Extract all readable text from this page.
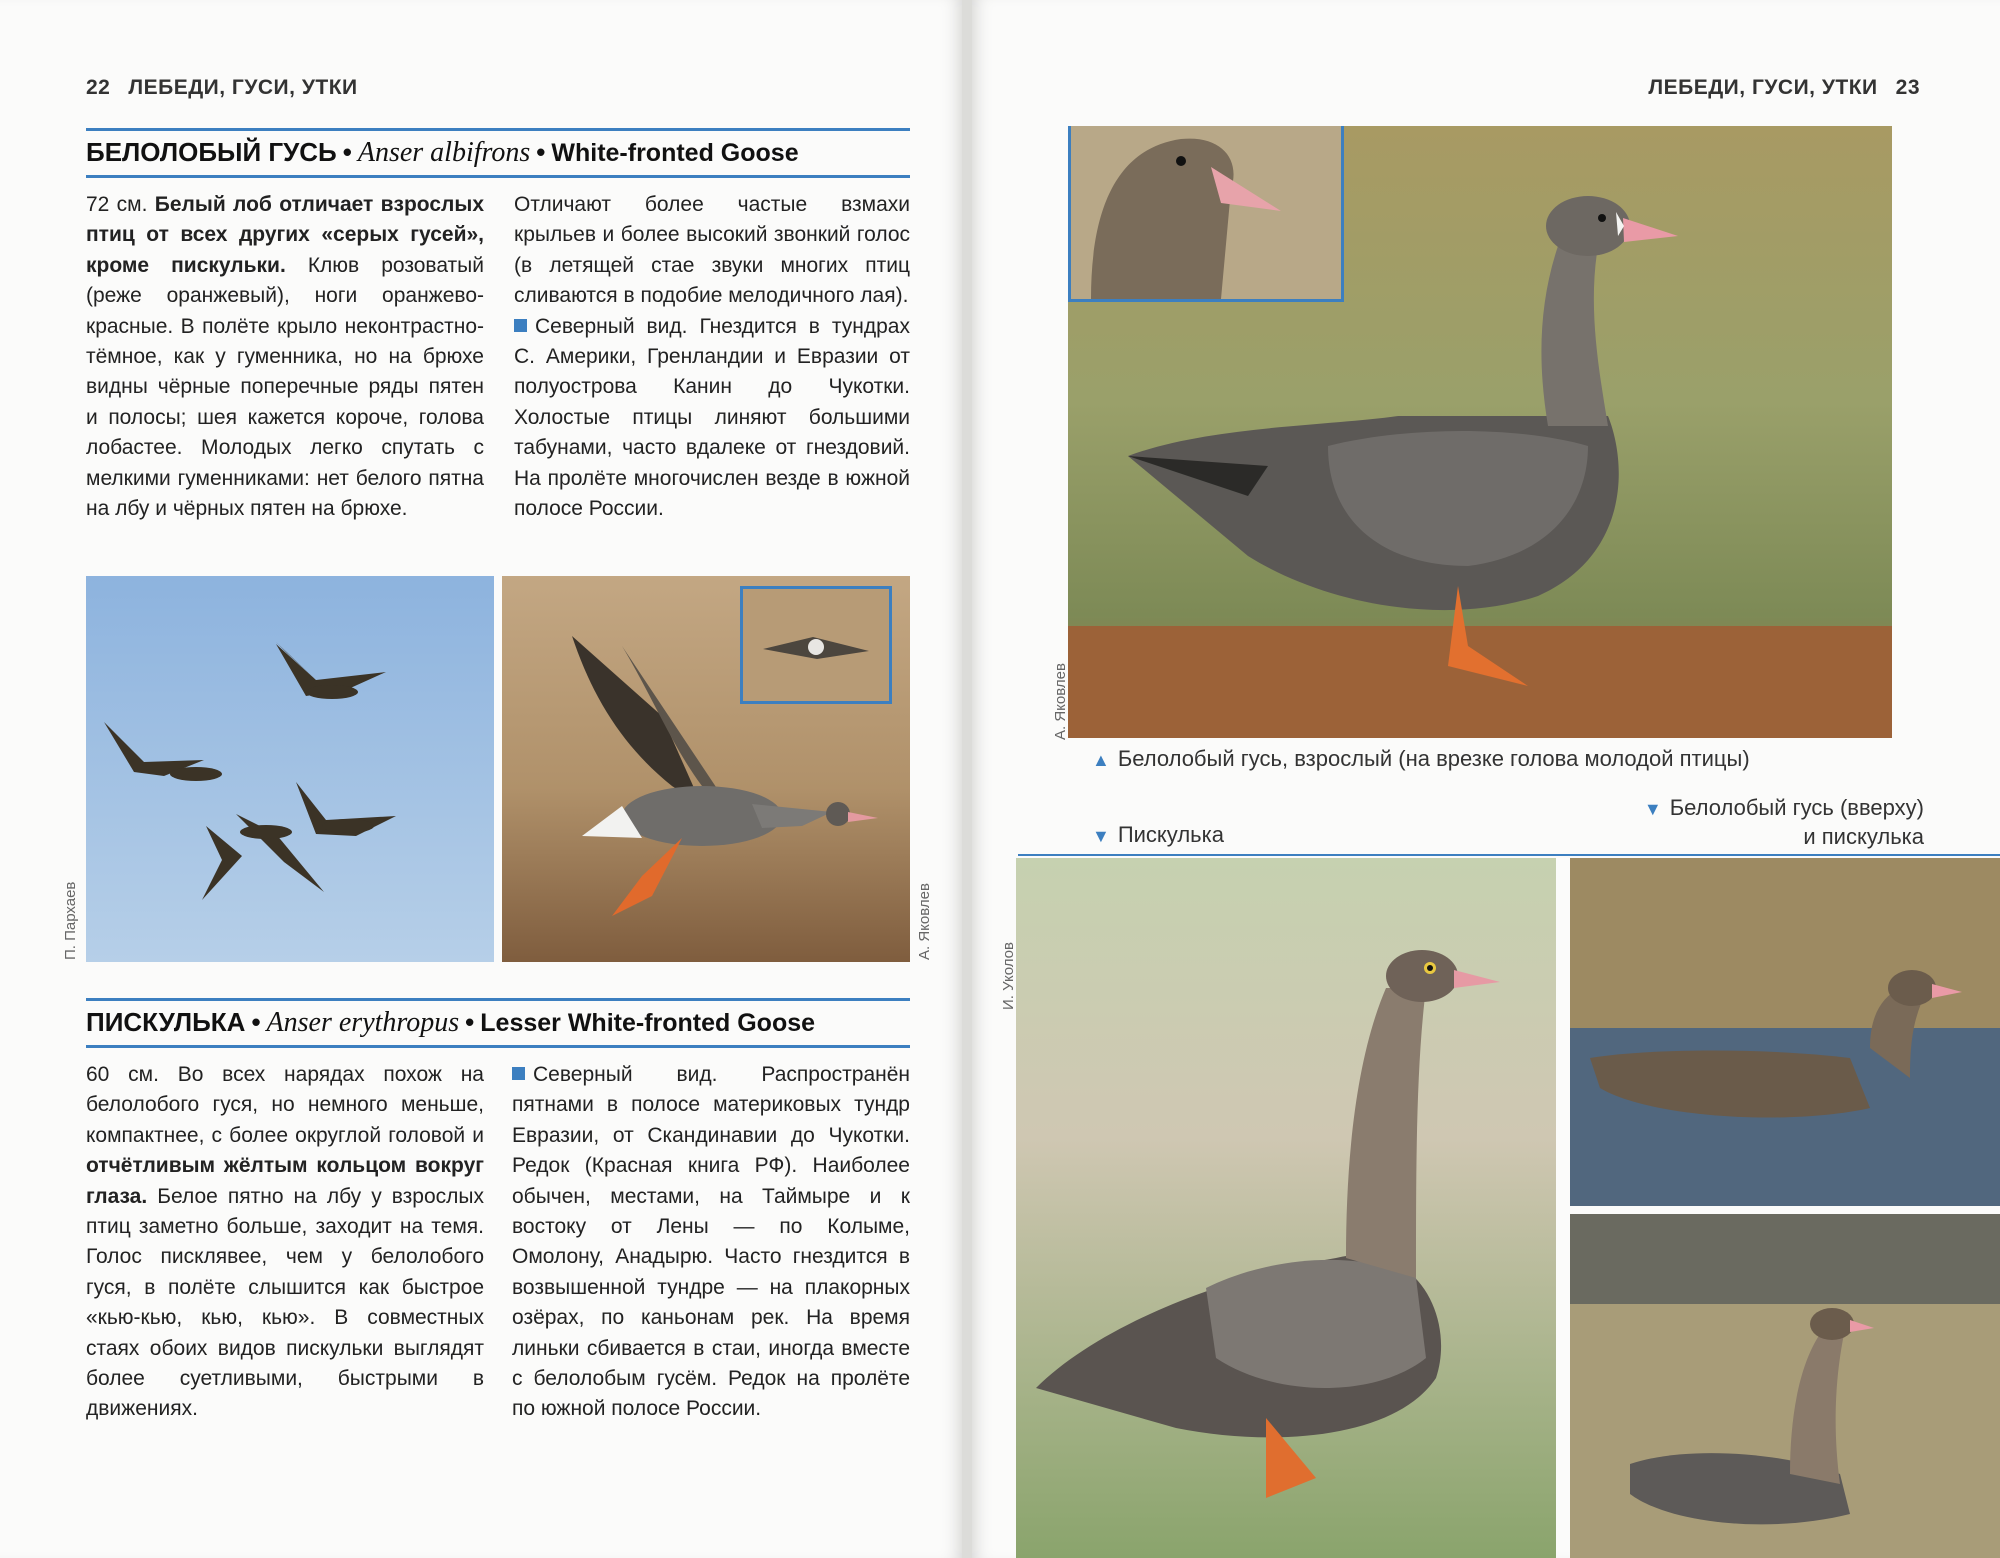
22 ЛЕБЕДИ, ГУСИ, УТКИ
БЕЛОЛОБЫЙ ГУСЬ • Anser albifrons • White-fronted Goose

72 см. Белый лоб отличает взрослых птиц от всех других «серых гусей», кроме пискульки. Клюв розоватый (реже оранжевый), ноги оранжево-красные. В полёте крыло неконтрастно-тёмное, как у гуменника, но на брюхе видны чёрные поперечные ряды пятен и полосы; шея кажется короче, голова лобастее. Молодых легко спутать с мелкими гуменниками: нет белого пятна на лбу и чёрных пятен на брюхе.

Отличают более частые взмахи крыльев и более высокий звонкий голос (в летящей стае звуки многих птиц сливаются в подобие мелодичного лая).

Северный вид. Гнездится в тундрах С. Америки, Гренландии и Евразии от полуострова Канин до Чукотки. Холостые птицы линяют большими табунами, часто вдалеке от гнездовий. На пролёте многочислен везде в южной полосе России.

П. Пархаев	А. Яковлев
ПИСКУЛЬКА • Anser erythropus • Lesser White-fronted Goose

60 см. Во всех нарядах похож на белолобого гуся, но немного меньше, компактнее, с более округлой головой и отчётливым жёлтым кольцом вокруг глаза. Белое пятно на лбу у взрослых птиц заметно больше, заходит на темя. Голос писклявее, чем у белолобого гуся, в полёте слышится как быстрое «кью-кью, кью, кью». В совместных стаях обоих видов пискульки выглядят более суетливыми, быстрыми в движениях.

Северный вид. Распространён пятнами в полосе материковых тундр Евразии, от Скандинавии до Чукотки. Редок (Красная книга РФ). Наиболее обычен, местами, на Таймыре и к востоку от Лены — по Колыме, Омолону, Анадырю. Часто гнездится в возвышенной тундре — на плакорных озёрах, по каньонам рек. На время линьки сбивается в стаи, иногда вместе с белолобым гусём. Редок на пролёте по южной полосе России.

ЛЕБЕДИ, ГУСИ, УТКИ 23
А. Яковлев
▲ Белолобый гусь, взрослый (на врезке голова молодой птицы)
▼ Белолобый гусь (вверху)
и пискулька
▼ Пискулька
И. Уколов
